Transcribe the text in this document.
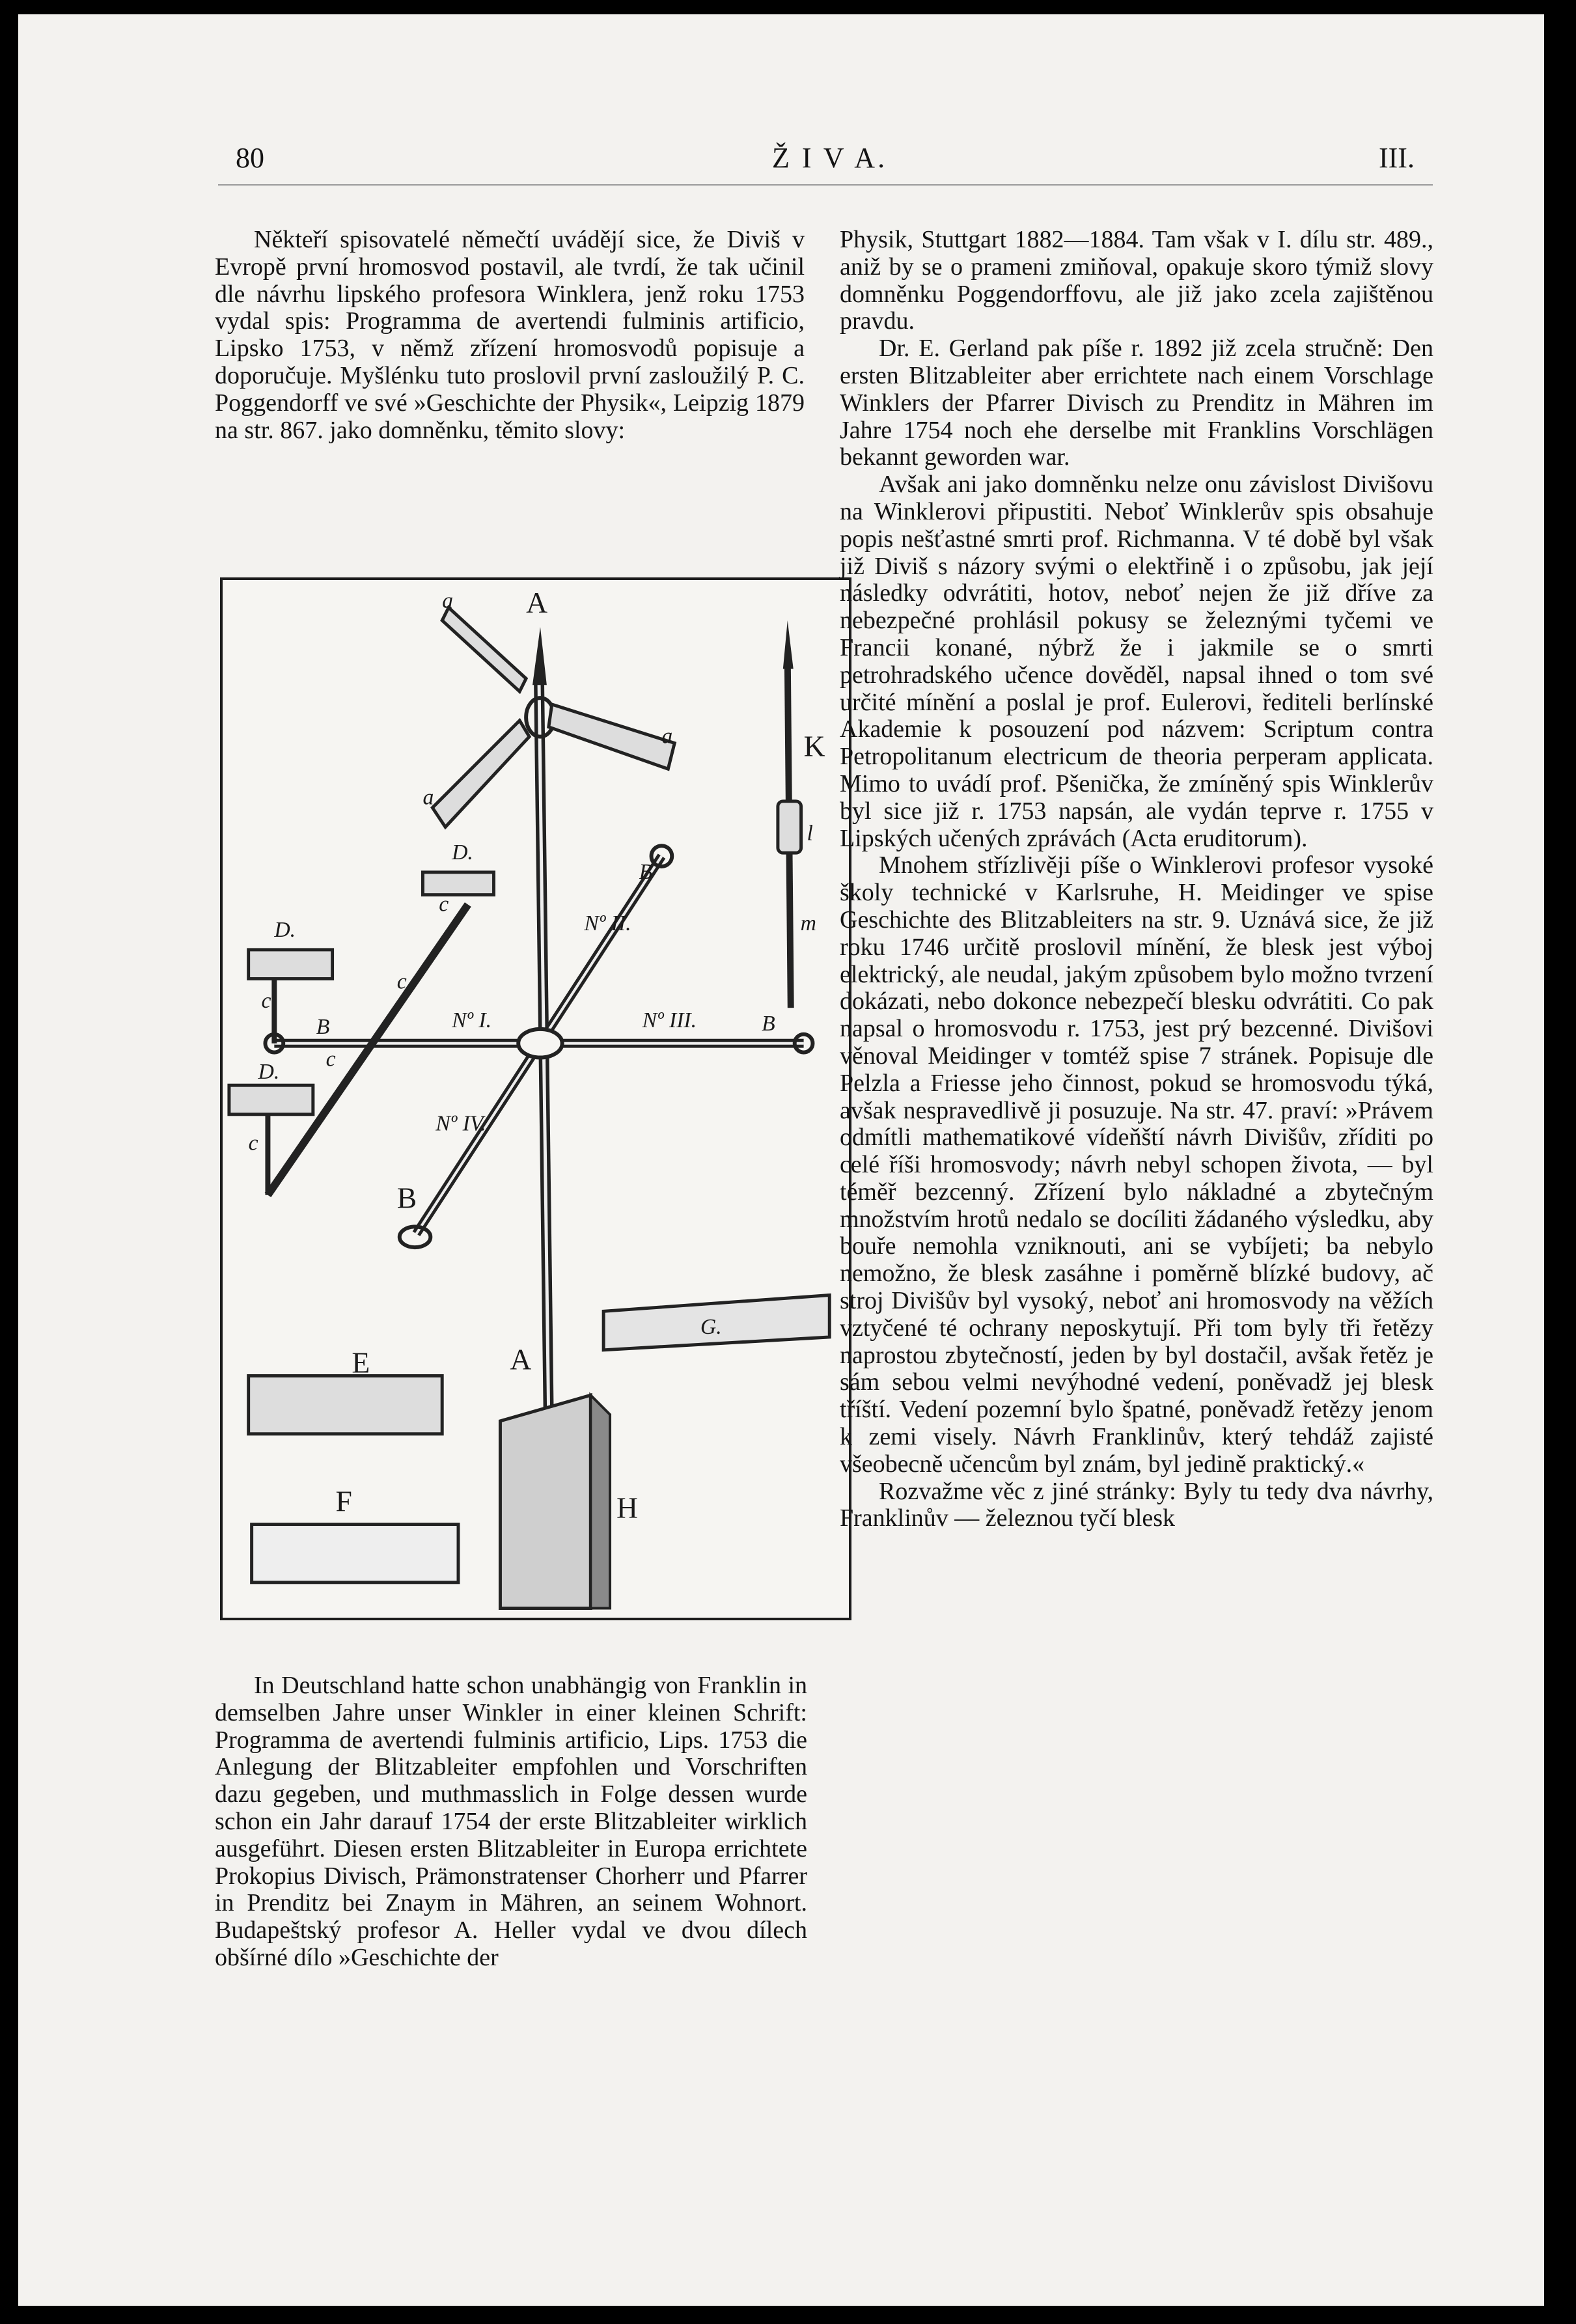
80	Ž I V A.	III.

Někteří spisovatelé němečtí uvádějí sice, že Diviš v Evropě první hromosvod postavil, ale tvrdí, že tak učinil dle návrhu lipského profesora Winklera, jenž roku 1753 vydal spis: Programma de avertendi fulminis artificio, Lipsko 1753, v němž zřízení hromosvodů popisuje a doporučuje. Myšlénku tuto proslovil první zasloužilý P. C. Poggendorff ve své »Geschichte der Physik«, Leipzig 1879 na str. 867. jako domněnku, těmito slovy:

A
a
a
a
K
l
m
D.
D.
D.
c
c
c
c
c
B
B
B
B
Nº I.
Nº II.
Nº III.
Nº IV.
E
F
G.
A
H

In Deutschland hatte schon unabhängig von Franklin in demselben Jahre unser Winkler in einer kleinen Schrift: Programma de avertendi fulminis artificio, Lips. 1753 die Anlegung der Blitzableiter empfohlen und Vorschriften dazu gegeben, und muthmasslich in Folge dessen wurde schon ein Jahr darauf 1754 der erste Blitzableiter wirklich ausgeführt. Diesen ersten Blitzableiter in Europa errichtete Prokopius Divisch, Prämonstratenser Chorherr und Pfarrer in Prenditz bei Znaym in Mähren, an seinem Wohnort. Budapeštský profesor A. Heller vydal ve dvou dílech obšírné dílo »Geschichte der

Physik, Stuttgart 1882—1884. Tam však v I. dílu str. 489., aniž by se o prameni zmiňoval, opakuje skoro týmiž slovy domněnku Poggendorffovu, ale již jako zcela zajištěnou pravdu.

Dr. E. Gerland pak píše r. 1892 již zcela stručně: Den ersten Blitzableiter aber errichtete nach einem Vorschlage Winklers der Pfarrer Divisch zu Prenditz in Mähren im Jahre 1754 noch ehe derselbe mit Franklins Vorschlägen bekannt geworden war.

Avšak ani jako domněnku nelze onu závislost Divišovu na Winklerovi připustiti. Neboť Winklerův spis obsahuje popis nešťastné smrti prof. Richmanna. V té době byl však již Diviš s názory svými o elektřině i o způsobu, jak její následky odvrátiti, hotov, neboť nejen že již dříve za nebezpečné prohlásil pokusy se železnými tyčemi ve Francii konané, nýbrž že i jakmile se o smrti petrohradského učence dověděl, napsal ihned o tom své určité mínění a poslal je prof. Eulerovi, řediteli berlínské Akademie k posouzení pod názvem: Scriptum contra Petropolitanum electricum de theoria perperam applicata. Mimo to uvádí prof. Pšenička, že zmíněný spis Winklerův byl sice již r. 1753 napsán, ale vydán teprve r. 1755 v Lipských učených zprávách (Acta eruditorum).

Mnohem střízlivěji píše o Winklerovi profesor vysoké školy technické v Karlsruhe, H. Meidinger ve spise Geschichte des Blitzableiters na str. 9. Uznává sice, že již roku 1746 určitě proslovil mínění, že blesk jest výboj elektrický, ale neudal, jakým způsobem bylo možno tvrzení dokázati, nebo dokonce nebezpečí blesku odvrátiti. Co pak napsal o hromosvodu r. 1753, jest prý bezcenné. Divišovi věnoval Meidinger v tomtéž spise 7 stránek. Popisuje dle Pelzla a Friesse jeho činnost, pokud se hromosvodu týká, avšak nespravedlivě ji posuzuje. Na str. 47. praví: »Právem odmítli mathematikové vídeňští návrh Divišův, zříditi po celé říši hromosvody; návrh nebyl schopen života, — byl téměř bezcenný. Zřízení bylo nákladné a zbytečným množstvím hrotů nedalo se docíliti žádaného výsledku, aby bouře nemohla vzniknouti, ani se vybíjeti; ba nebylo nemožno, že blesk zasáhne i poměrně blízké budovy, ač stroj Divišův byl vysoký, neboť ani hromosvody na věžích vztyčené té ochrany neposkytují. Při tom byly tři řetězy naprostou zbytečností, jeden by byl dostačil, avšak řetěz je sám sebou velmi nevýhodné vedení, poněvadž jej blesk tříští. Vedení pozemní bylo špatné, poněvadž řetězy jenom k zemi visely. Návrh Franklinův, který tehdáž zajisté všeobecně učencům byl znám, byl jedině praktický.«

Rozvažme věc z jiné stránky: Byly tu tedy dva návrhy, Franklinův — železnou tyčí blesk
